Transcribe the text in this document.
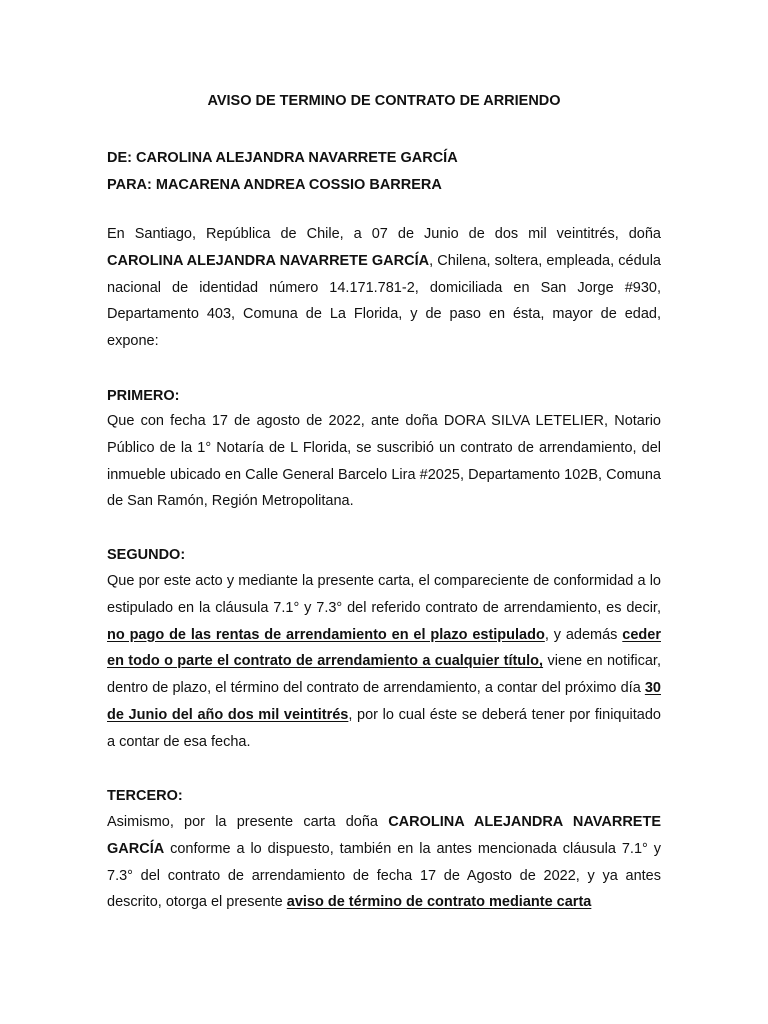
AVISO DE TERMINO DE CONTRATO DE ARRIENDO
DE: CAROLINA ALEJANDRA NAVARRETE GARCÍA
PARA: MACARENA ANDREA COSSIO BARRERA
En Santiago, República de Chile, a 07 de Junio de dos mil veintitrés, doña CAROLINA ALEJANDRA NAVARRETE GARCÍA, Chilena, soltera, empleada, cédula nacional de identidad número 14.171.781-2, domiciliada en San Jorge #930, Departamento 403, Comuna de La Florida, y de paso en ésta, mayor de edad, expone:
PRIMERO:
Que con fecha 17 de agosto de 2022, ante doña DORA SILVA LETELIER, Notario Público de la 1° Notaría de L Florida, se suscribió un contrato de arrendamiento, del inmueble ubicado en Calle General Barcelo Lira #2025, Departamento 102B, Comuna de San Ramón, Región Metropolitana.
SEGUNDO:
Que por este acto y mediante la presente carta, el compareciente de conformidad a lo estipulado en la cláusula 7.1° y 7.3° del referido contrato de arrendamiento, es decir, no pago de las rentas de arrendamiento en el plazo estipulado, y además ceder en todo o parte el contrato de arrendamiento a cualquier título, viene en notificar, dentro de plazo, el término del contrato de arrendamiento, a contar del próximo día 30 de Junio del año dos mil veintitrés, por lo cual éste se deberá tener por finiquitado a contar de esa fecha.
TERCERO:
Asimismo, por la presente carta doña CAROLINA ALEJANDRA NAVARRETE GARCÍA conforme a lo dispuesto, también en la antes mencionada cláusula 7.1° y 7.3° del contrato de arrendamiento de fecha 17 de Agosto de 2022, y ya antes descrito, otorga el presente aviso de término de contrato mediante carta
